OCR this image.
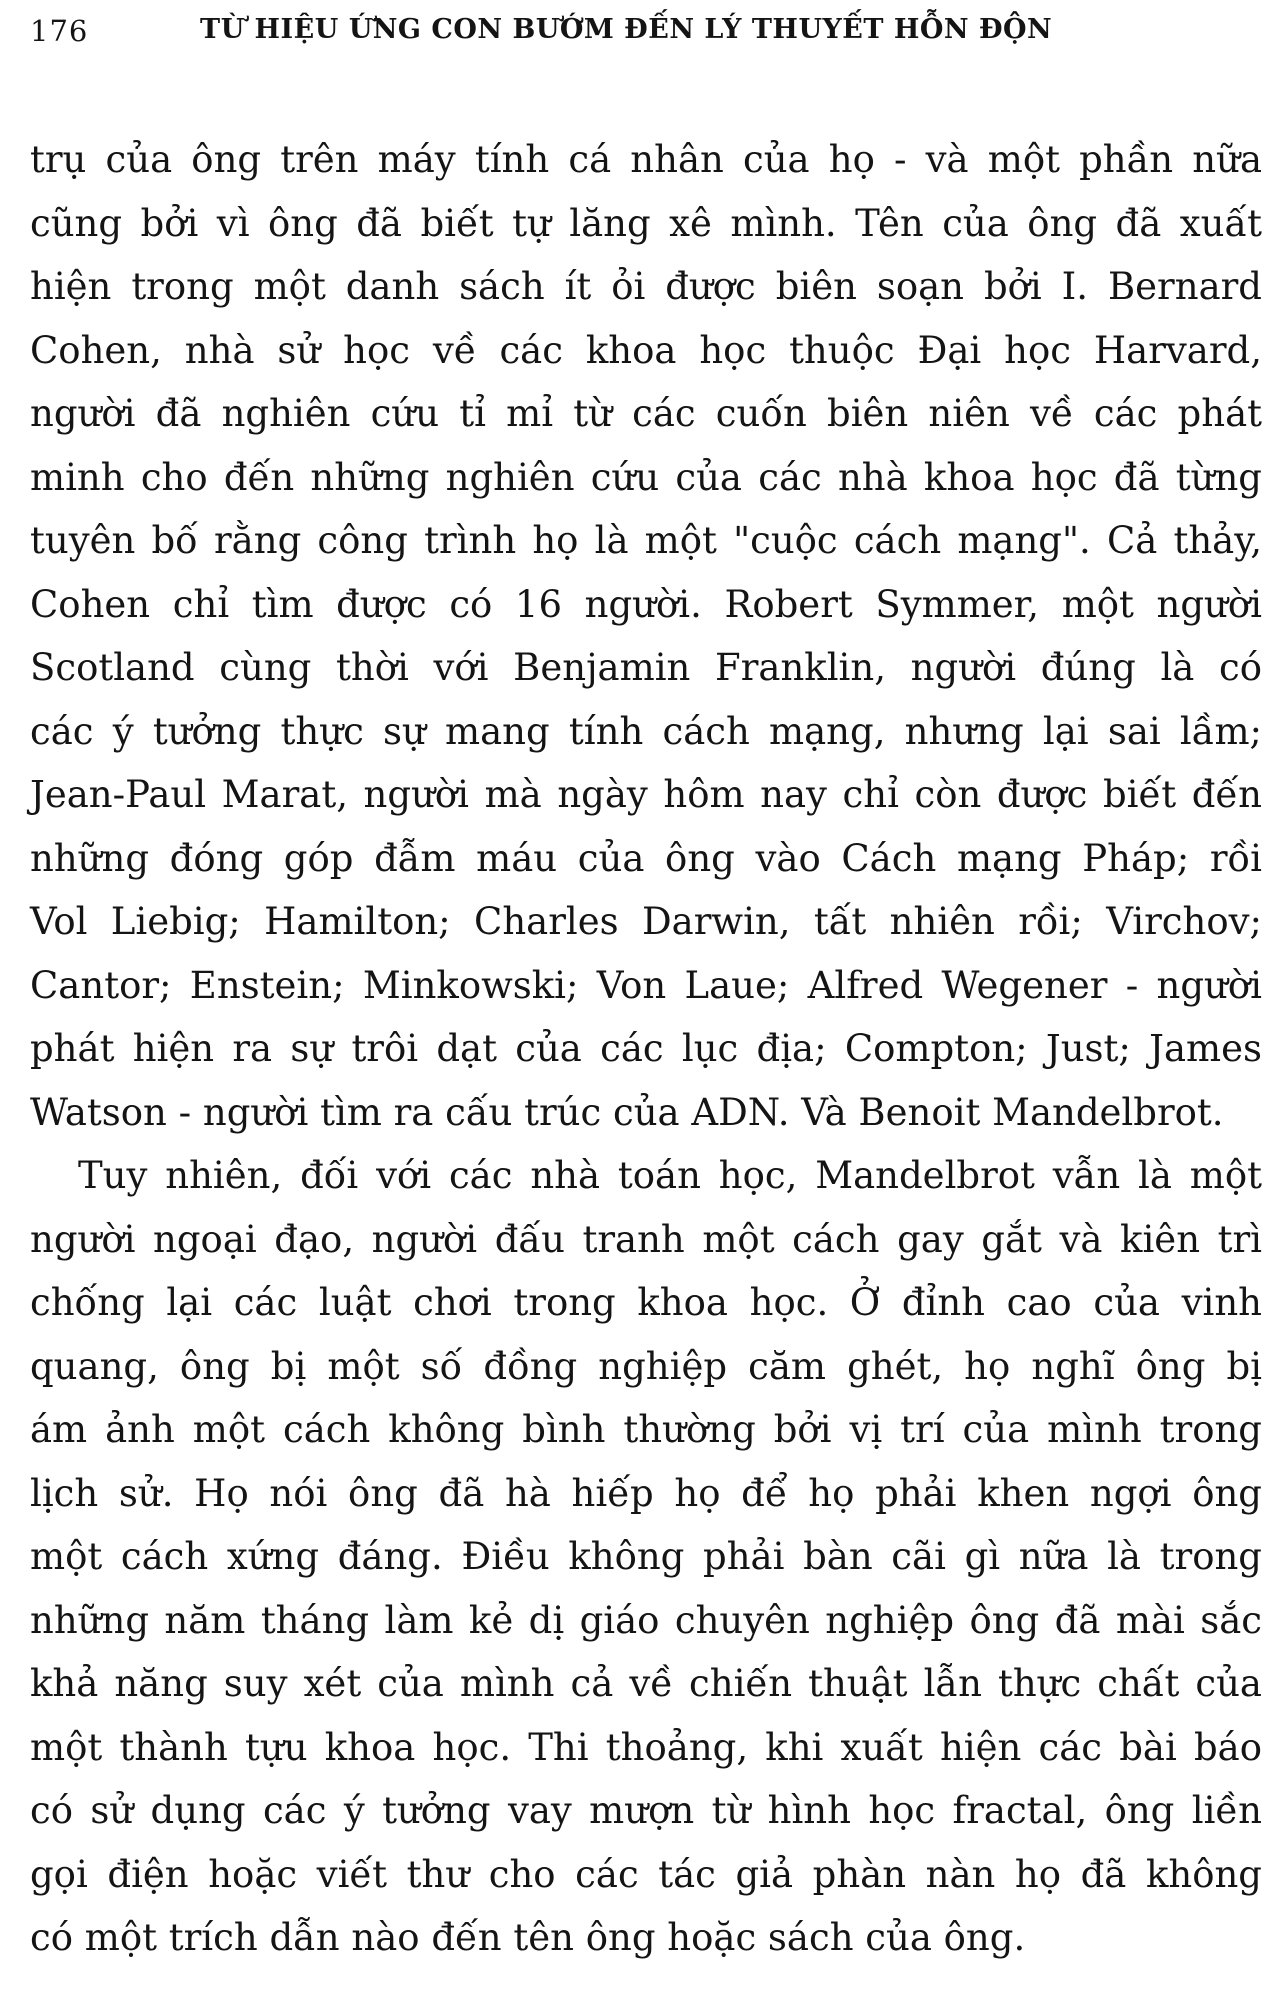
176	TỪ HIỆU ỨNG CON BƯỚM ĐẾN LÝ THUYẾT HỖN ĐỘN
trụ của ông trên máy tính cá nhân của họ - và một phần nữa
cũng bởi vì ông đã biết tự lăng xê mình. Tên của ông đã xuất
hiện trong một danh sách ít ỏi được biên soạn bởi I. Bernard
Cohen, nhà sử học về các khoa học thuộc Đại học Harvard,
người đã nghiên cứu tỉ mỉ từ các cuốn biên niên về các phát
minh cho đến những nghiên cứu của các nhà khoa học đã từng
tuyên bố rằng công trình họ là một "cuộc cách mạng". Cả thảy,
Cohen chỉ tìm được có 16 người. Robert Symmer, một người
Scotland cùng thời với Benjamin Franklin, người đúng là có
các ý tưởng thực sự mang tính cách mạng, nhưng lại sai lầm;
Jean-Paul Marat, người mà ngày hôm nay chỉ còn được biết đến
những đóng góp đẫm máu của ông vào Cách mạng Pháp; rồi
Vol Liebig; Hamilton; Charles Darwin, tất nhiên rồi; Virchov;
Cantor; Enstein; Minkowski; Von Laue; Alfred Wegener - người
phát hiện ra sự trôi dạt của các lục địa; Compton; Just; James
Watson - người tìm ra cấu trúc của ADN. Và Benoit Mandelbrot.
Tuy nhiên, đối với các nhà toán học, Mandelbrot vẫn là một
người ngoại đạo, người đấu tranh một cách gay gắt và kiên trì
chống lại các luật chơi trong khoa học. Ở đỉnh cao của vinh
quang, ông bị một số đồng nghiệp căm ghét, họ nghĩ ông bị
ám ảnh một cách không bình thường bởi vị trí của mình trong
lịch sử. Họ nói ông đã hà hiếp họ để họ phải khen ngợi ông
một cách xứng đáng. Điều không phải bàn cãi gì nữa là trong
những năm tháng làm kẻ dị giáo chuyên nghiệp ông đã mài sắc
khả năng suy xét của mình cả về chiến thuật lẫn thực chất của
một thành tựu khoa học. Thi thoảng, khi xuất hiện các bài báo
có sử dụng các ý tưởng vay mượn từ hình học fractal, ông liền
gọi điện hoặc viết thư cho các tác giả phàn nàn họ đã không
có một trích dẫn nào đến tên ông hoặc sách của ông.
